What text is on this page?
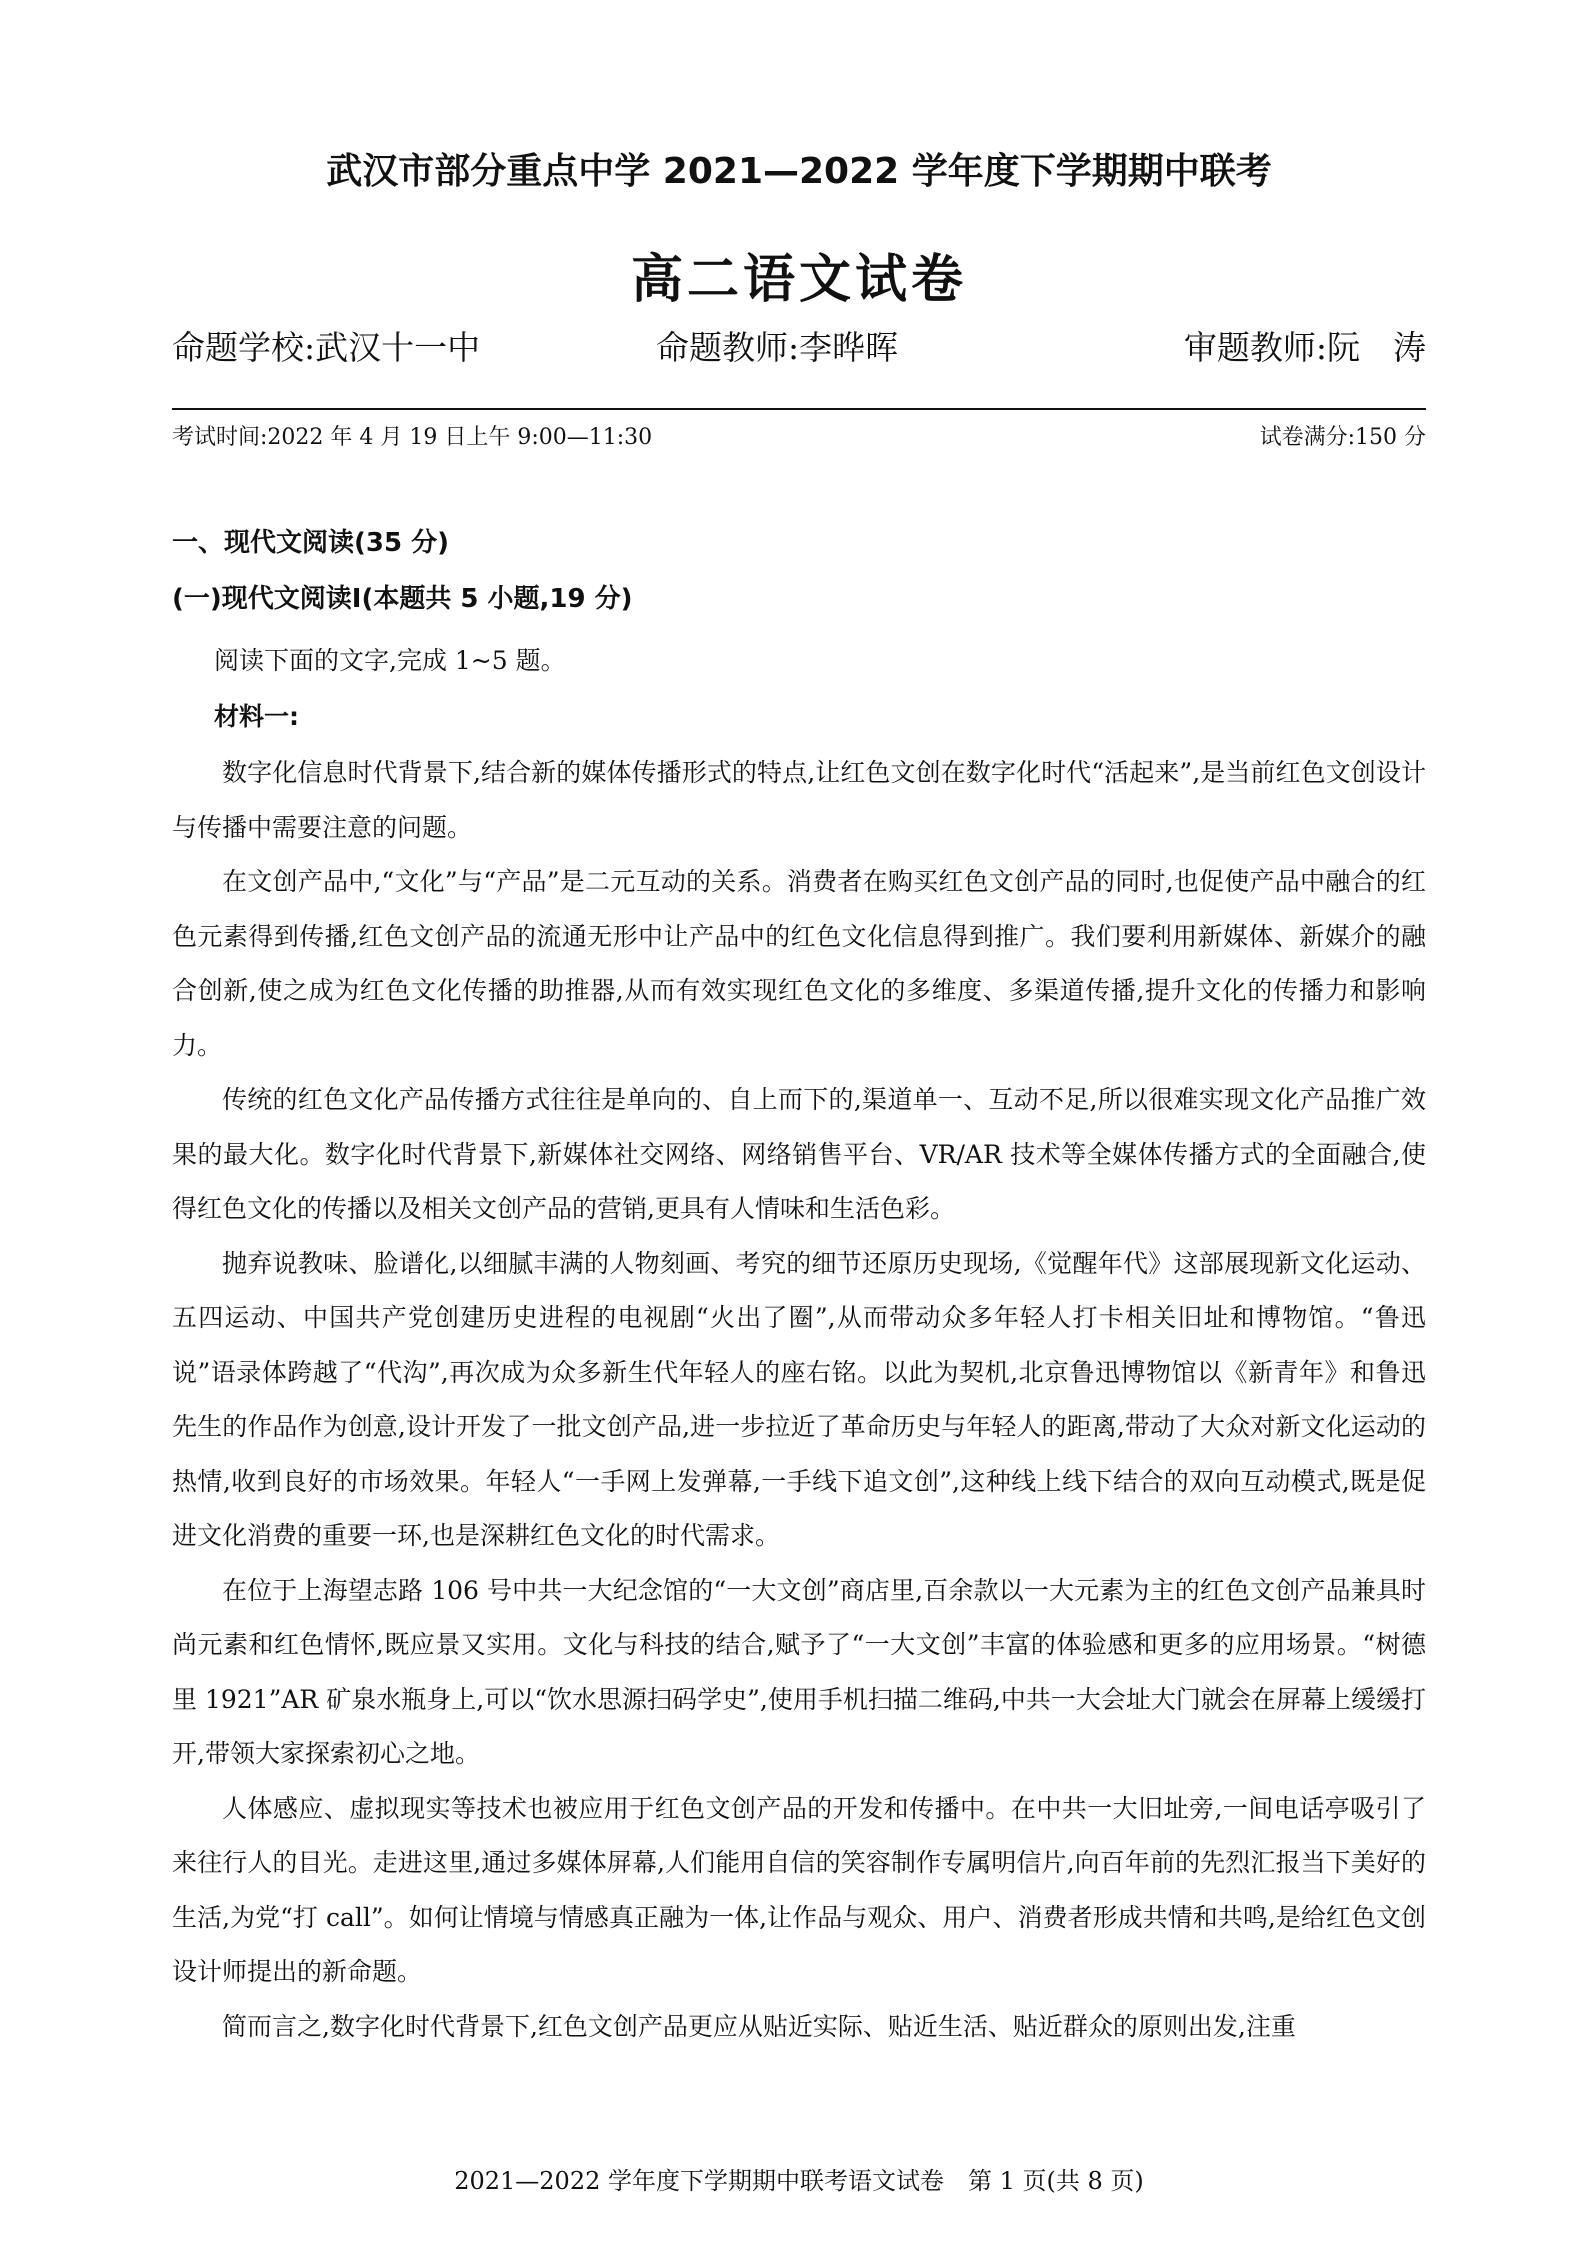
武汉市部分重点中学 2021—2022 学年度下学期期中联考
高二语文试卷
命题学校:武汉十一中	命题教师:李晔晖	审题教师:阮　涛
考试时间:2022 年 4 月 19 日上午 9:00—11:30	试卷满分:150 分
一、现代文阅读(35 分)
(一)现代文阅读Ⅰ(本题共 5 小题,19 分)
阅读下面的文字,完成 1~5 题。
材料一:

数字化信息时代背景下,结合新的媒体传播形式的特点,让红色文创在数字化时代“活起来”,是当前红色文创设计与传播中需要注意的问题。

在文创产品中,“文化”与“产品”是二元互动的关系。消费者在购买红色文创产品的同时,也促使产品中融合的红色元素得到传播,红色文创产品的流通无形中让产品中的红色文化信息得到推广。我们要利用新媒体、新媒介的融合创新,使之成为红色文化传播的助推器,从而有效实现红色文化的多维度、多渠道传播,提升文化的传播力和影响力。

传统的红色文化产品传播方式往往是单向的、自上而下的,渠道单一、互动不足,所以很难实现文化产品推广效果的最大化。数字化时代背景下,新媒体社交网络、网络销售平台、VR/AR 技术等全媒体传播方式的全面融合,使得红色文化的传播以及相关文创产品的营销,更具有人情味和生活色彩。

抛弃说教味、脸谱化,以细腻丰满的人物刻画、考究的细节还原历史现场,《觉醒年代》这部展现新文化运动、五四运动、中国共产党创建历史进程的电视剧“火出了圈”,从而带动众多年轻人打卡相关旧址和博物馆。“鲁迅说”语录体跨越了“代沟”,再次成为众多新生代年轻人的座右铭。以此为契机,北京鲁迅博物馆以《新青年》和鲁迅先生的作品作为创意,设计开发了一批文创产品,进一步拉近了革命历史与年轻人的距离,带动了大众对新文化运动的热情,收到良好的市场效果。年轻人“一手网上发弹幕,一手线下追文创”,这种线上线下结合的双向互动模式,既是促进文化消费的重要一环,也是深耕红色文化的时代需求。

在位于上海望志路 106 号中共一大纪念馆的“一大文创”商店里,百余款以一大元素为主的红色文创产品兼具时尚元素和红色情怀,既应景又实用。文化与科技的结合,赋予了“一大文创”丰富的体验感和更多的应用场景。“树德里 1921”AR 矿泉水瓶身上,可以“饮水思源扫码学史”,使用手机扫描二维码,中共一大会址大门就会在屏幕上缓缓打开,带领大家探索初心之地。

人体感应、虚拟现实等技术也被应用于红色文创产品的开发和传播中。在中共一大旧址旁,一间电话亭吸引了来往行人的目光。走进这里,通过多媒体屏幕,人们能用自信的笑容制作专属明信片,向百年前的先烈汇报当下美好的生活,为党“打 call”。如何让情境与情感真正融为一体,让作品与观众、用户、消费者形成共情和共鸣,是给红色文创设计师提出的新命题。

简而言之,数字化时代背景下,红色文创产品更应从贴近实际、贴近生活、贴近群众的原则出发,注重

2021—2022 学年度下学期期中联考语文试卷　第 1 页(共 8 页)
